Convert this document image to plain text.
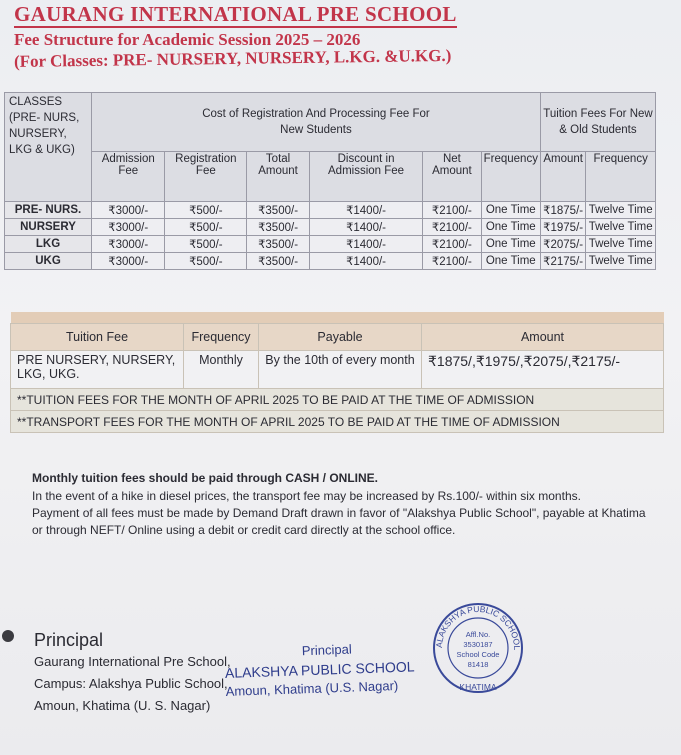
GAURANG INTERNATIONAL PRE SCHOOL
Fee Structure for Academic Session 2025 – 2026
(For Classes: PRE- NURSERY, NURSERY, L.KG. &U.KG.)
CLASSES (PRE- NURS, NURSERY, LKG & UKG)	Cost of Registration And Processing Fee For New Students						Tuition Fees For New & Old Students	
	Admission Fee	Registration Fee	Total Amount	Discount in Admission Fee	Net Amount	Frequency	Amount	Frequency
PRE- NURS.	₹3000/-	₹500/-	₹3500/-	₹1400/-	₹2100/-	One Time	₹1875/-	Twelve Time
NURSERY	₹3000/-	₹500/-	₹3500/-	₹1400/-	₹2100/-	One Time	₹1975/-	Twelve Time
LKG	₹3000/-	₹500/-	₹3500/-	₹1400/-	₹2100/-	One Time	₹2075/-	Twelve Time
UKG	₹3000/-	₹500/-	₹3500/-	₹1400/-	₹2100/-	One Time	₹2175/-	Twelve Time

Tuition Fee	Frequency	Payable	Amount
PRE NURSERY, NURSERY, LKG, UKG.	Monthly	By the 10th of every month	₹1875/,₹1975/,₹2075/,₹2175/-
**TUITION FEES FOR THE MONTH OF APRIL 2025 TO BE PAID AT THE TIME OF ADMISSION			
**TRANSPORT FEES FOR THE MONTH OF APRIL 2025 TO BE PAID AT THE TIME OF ADMISSION			
Monthly tuition fees should be paid through CASH / ONLINE.
In the event of a hike in diesel prices, the transport fee may be increased by Rs.100/- within six months.
Payment of all fees must be made by Demand Draft drawn in favor of "Alakshya Public School", payable at Khatima or through NEFT/ Online using a debit or credit card directly at the school office.
Principal
Gaurang International Pre School,
Campus: Alakshya Public School,
Amoun, Khatima (U. S. Nagar)
Principal
ALAKSHYA PUBLIC SCHOOL
Amoun, Khatima (U.S. Nagar)
ALAKSHYA PUBLIC SCHOOL
KHATIMA
Affl.No.
3530187
School Code
81418
